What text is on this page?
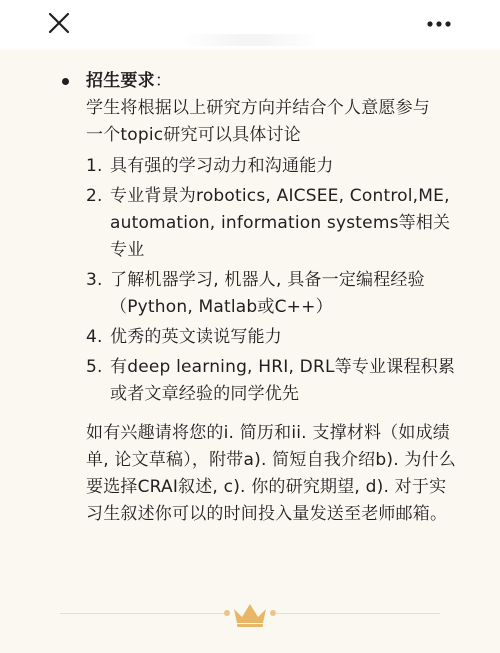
招生要求：
学生将根据以上研究方向并结合个人意愿参与
一个topic研究可以具体讨论
1. 具有强的学习动力和沟通能力
2. 专业背景为robotics, AICSEE, Control,ME, automation, information systems等相关专业
3. 了解机器学习, 机器人, 具备一定编程经验（Python, Matlab或C++）
4. 优秀的英文读说写能力
5. 有deep learning, HRI, DRL等专业课程积累或者文章经验的同学优先
如有兴趣请将您的i. 简历和ii. 支撑材料（如成绩单, 论文草稿），附带a). 简短自我介绍b). 为什么要选择CRAI叙述, c). 你的研究期望, d). 对于实习生叙述你可以的时间投入量发送至老师邮箱。
